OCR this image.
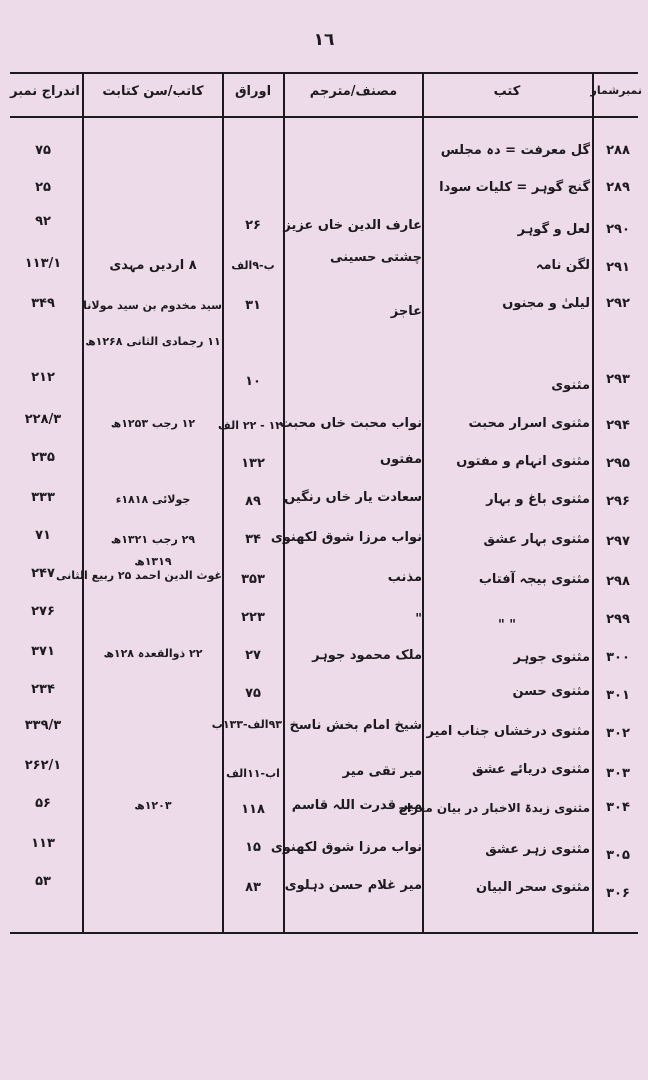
١٦
نمبرشمار
کتب
مصنف/مترجم
اوراق
کاتب/سن کتابت
اندراج نمبر
۲۸۸
گل معرفت = دہ مجلس
۷۵
۲۸۹
گنج گوہر = کلیات سودا
۲۵
۲۹۰
لعل و گوہر
عارف الدین خاں عزیز
۲۶
۹۲
۲۹۱
لگن نامہ
چشتی حسینی
ب-۹الف
۸ اردیں مہدی
۱۱۳/۱
۲۹۲
لیلیٰ و مجنوں
عاجز
۳۱
سید مخدوم بن سید مولانا
۱۱ رجمادی الثانی ۱۲۶۸ھ
۳۴۹
۲۹۳
مثنوی
۱۰
۲۱۲
۲۹۴
مثنوی اسرار محبت
نواب محبت خاں محبت
۱۲ - ۲۲ الف
۱۲ رجب ۱۲۵۳ھ
۲۲۸/۳
۲۹۵
مثنوی انہام و مفتوں
مفتوں
۱۳۲
۲۳۵
۲۹۶
مثنوی باغ و بہار
سعادت یار خاں رنگیں
۸۹
جولائی ۱۸۱۸ء
۳۳۳
۲۹۷
مثنوی بہار عشق
نواب مرزا شوق لکھنوی
۳۴
۲۹ رجب ۱۳۲۱ھ
۷۱
۲۹۸
مثنوی بیجہ آفتاب
مذنب
۳۵۳
۱۳۱۹ھ
غوث الدین احمد ۲۵ ربیع الثانی
۲۴۷
۲۹۹
" "
"
۲۲۳
۲۷۶
۳۰۰
مثنوی جوہر
ملک محمود جوہر
۲۷
۲۲ ذوالقعدہ ۱۲۸ھ
۳۷۱
۳۰۱
مثنوی حسن
۷۵
۲۳۴
۳۰۲
مثنوی درخشاں جناب امیر
شیخ امام بخش ناسخ
۹۳الف-۱۳۳ب
۳۳۹/۳
۳۰۳
مثنوی دریائے عشق
میر تقی میر
اب-۱۱الف
۲۶۲/۱
۳۰۴
مثنوی زبدۃ الاخبار در بیان معراج
میر قدرت اللہ قاسم
۱۱۸
۱۲۰۳ھ
۵۶
۳۰۵
مثنوی زہر عشق
نواب مرزا شوق لکھنوی
۱۵
۱۱۳
۳۰۶
مثنوی سحر البیان
میر غلام حسن دہلوی
۸۳
۵۳
